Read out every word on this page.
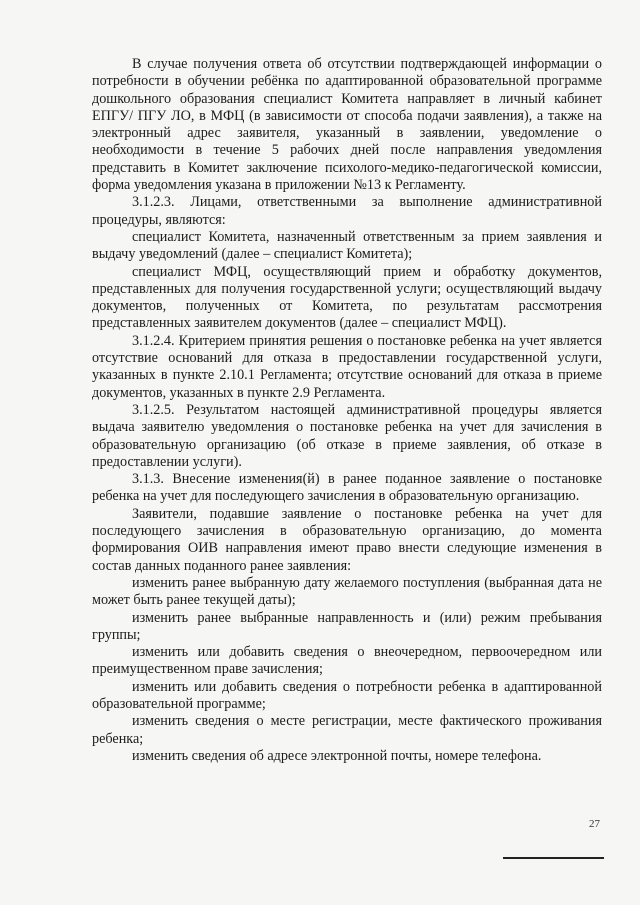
В случае получения ответа об отсутствии подтверждающей информации о потребности в обучении ребёнка по адаптированной образовательной программе дошкольного образования специалист Комитета направляет в личный кабинет ЕПГУ/ ПГУ ЛО, в МФЦ (в зависимости от способа подачи заявления), а также на электронный адрес заявителя, указанный в заявлении, уведомление о необходимости в течение 5 рабочих дней после направления уведомления представить в Комитет заключение психолого-медико-педагогической комиссии, форма уведомления указана в приложении №13 к Регламенту.

3.1.2.3. Лицами, ответственными за выполнение административной процедуры, являются:

специалист Комитета, назначенный ответственным за прием заявления и выдачу уведомлений (далее – специалист Комитета);

специалист МФЦ, осуществляющий прием и обработку документов, представленных для получения государственной услуги; осуществляющий выдачу документов, полученных от Комитета, по результатам рассмотрения представленных заявителем документов (далее – специалист МФЦ).

3.1.2.4. Критерием принятия решения о постановке ребенка на учет является отсутствие оснований для отказа в предоставлении государственной услуги, указанных в пункте 2.10.1 Регламента; отсутствие оснований для отказа в приеме документов, указанных в пункте 2.9 Регламента.

3.1.2.5. Результатом настоящей административной процедуры является выдача заявителю уведомления о постановке ребенка на учет для зачисления в образовательную организацию (об отказе в приеме заявления, об отказе в предоставлении услуги).

3.1.3. Внесение изменения(й) в ранее поданное заявление о постановке ребенка на учет для последующего зачисления в образовательную организацию.

Заявители, подавшие заявление о постановке ребенка на учет для последующего зачисления в образовательную организацию, до момента формирования ОИВ направления имеют право внести следующие изменения в состав данных поданного ранее заявления:

изменить ранее выбранную дату желаемого поступления (выбранная дата не может быть ранее текущей даты);

изменить ранее выбранные направленность и (или) режим пребывания группы;

изменить или добавить сведения о внеочередном, первоочередном или преимущественном праве зачисления;

изменить или добавить сведения о потребности ребенка в адаптированной образовательной программе;

изменить сведения о месте регистрации, месте фактического проживания ребенка;

изменить сведения об адресе электронной почты, номере телефона.

27
